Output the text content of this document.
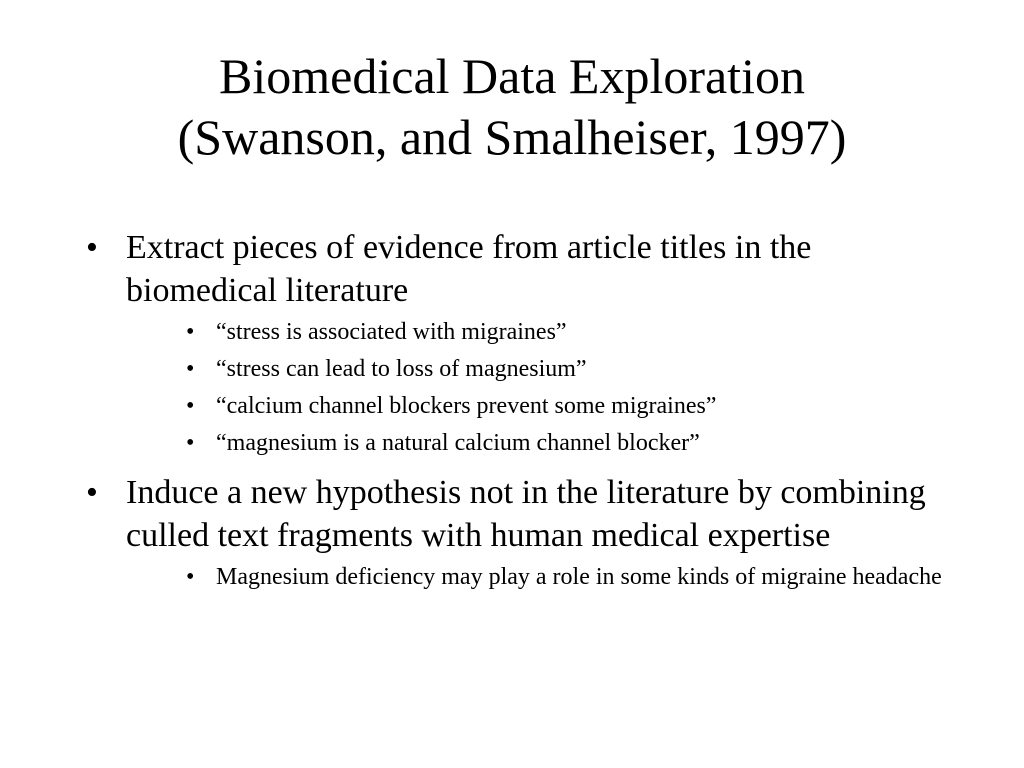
Biomedical Data Exploration
(Swanson, and Smalheiser, 1997)
• Extract pieces of evidence from article titles in the biomedical literature
• “stress is associated with migraines”
• “stress can lead to loss of magnesium”
• “calcium channel blockers prevent some migraines”
• “magnesium is a natural calcium channel blocker”
• Induce a new hypothesis not in the literature by combining culled text fragments with human medical expertise
• Magnesium deficiency may play a role in some kinds of migraine headache
